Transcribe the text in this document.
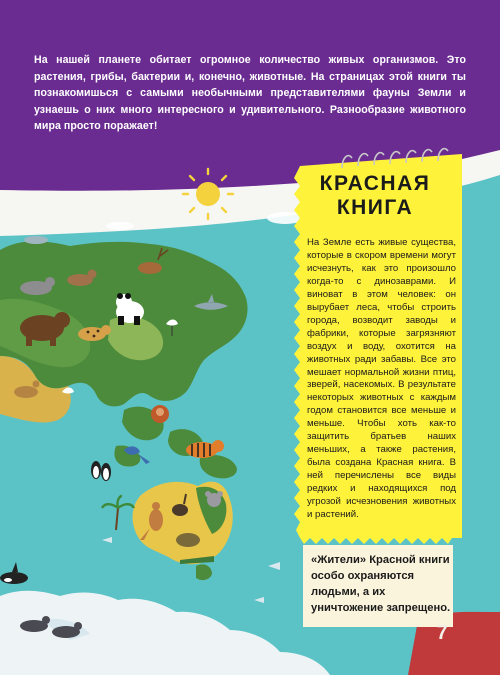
На нашей планете обитает огромное количество живых организмов. Это растения, грибы, бактерии и, конечно, животные. На страницах этой книги ты познакомишься с самыми необычными представителями фауны Земли и узнаешь о них много интересного и удивительного. Разнообразие животного мира просто поражает!

КРАСНАЯ
КНИГА

На Земле есть живые существа, которые в скором времени могут исчезнуть, как это произошло когда-то с динозаврами. И виноват в этом человек: он вырубает леса, чтобы строить города, возводит заводы и фабрики, которые загрязняют воздух и воду, охотится на животных ради забавы. Все это мешает нормальной жизни птиц, зверей, насекомых. В результате некоторых животных с каждым годом становится все меньше и меньше. Чтобы хоть как-то защитить братьев наших меньших, а также растения, была создана Красная книга. В ней перечислены все виды редких и находящихся под угрозой исчезновения животных и растений.

«Жители» Красной книги особо охраняются людьми, а их уничтожение запрещено.

7
